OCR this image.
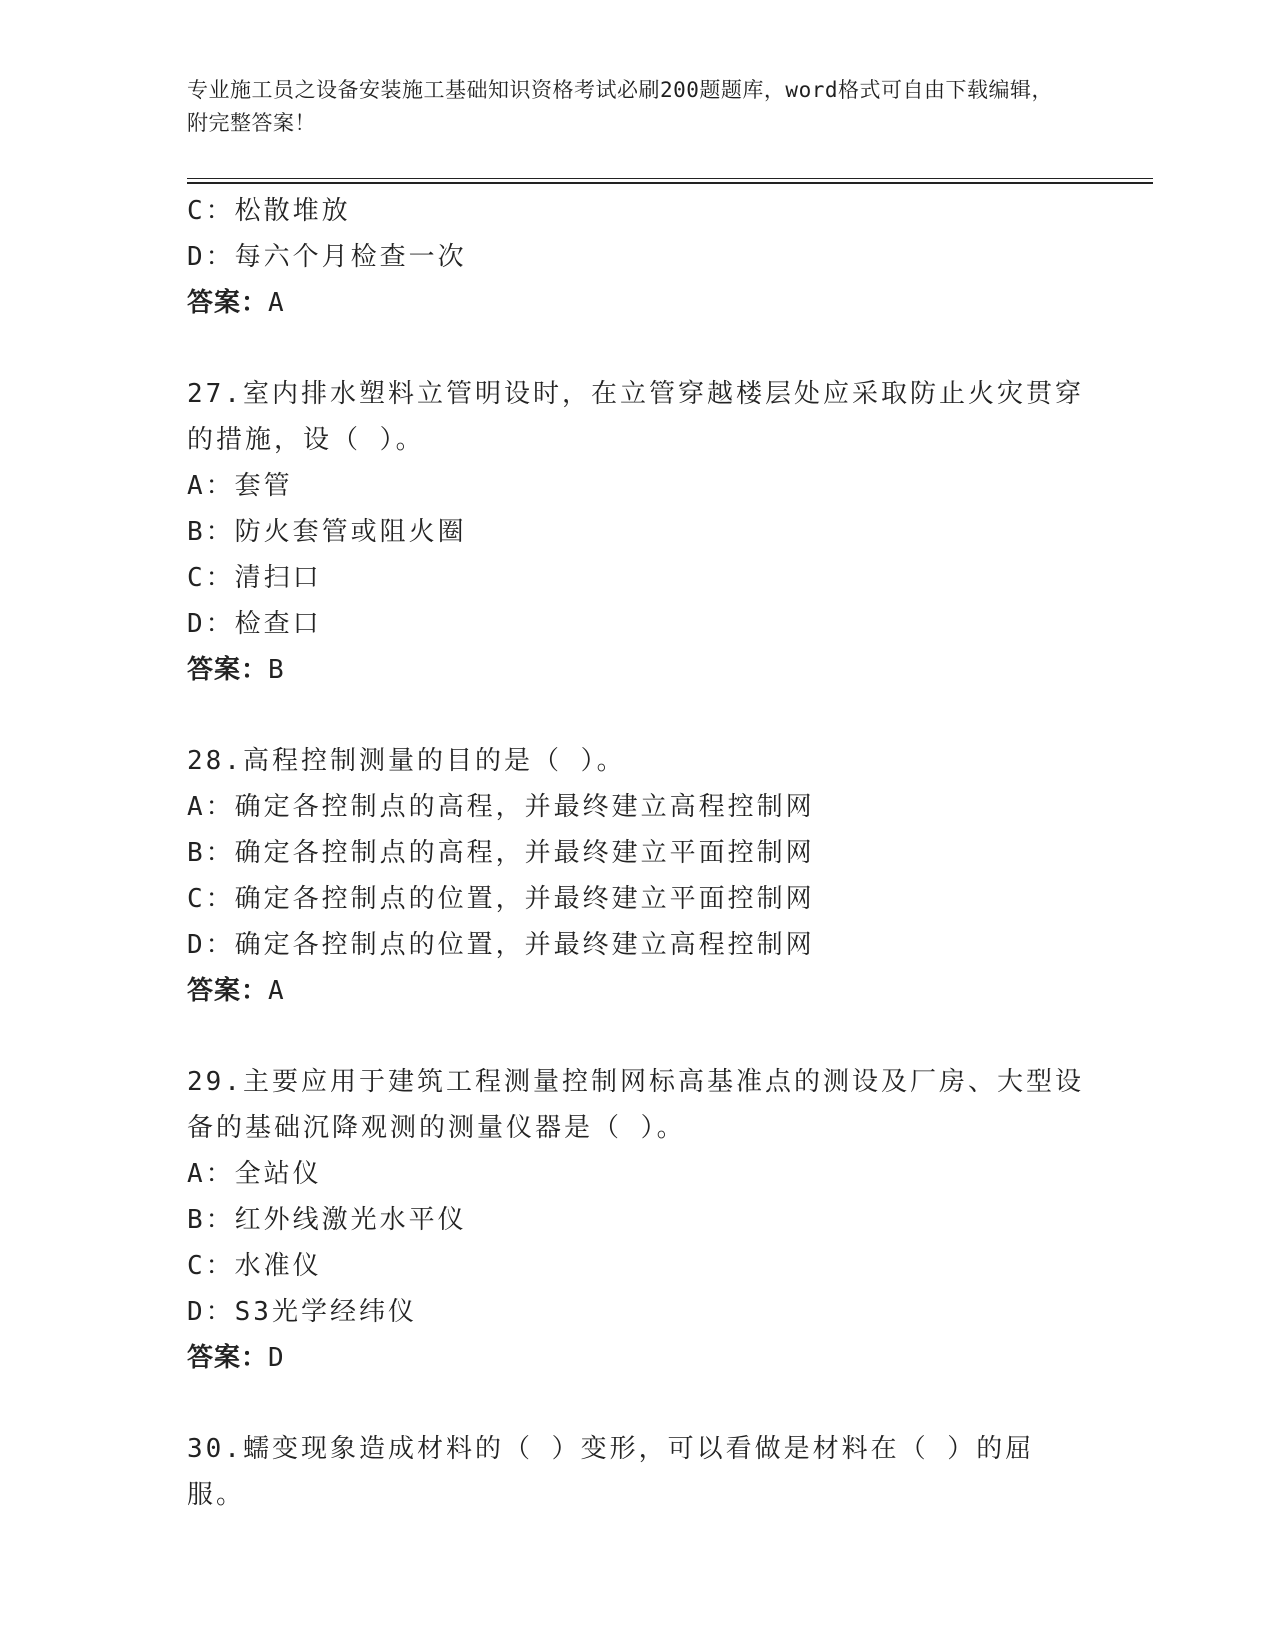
专业施工员之设备安装施工基础知识资格考试必刷200题题库，word格式可自由下载编辑，附完整答案！
C：松散堆放
D：每六个月检查一次
答案：A
27.室内排水塑料立管明设时，在立管穿越楼层处应采取防止火灾贯穿的措施，设（ ）。
A：套管
B：防火套管或阻火圈
C：清扫口
D：检查口
答案：B
28.高程控制测量的目的是（ ）。
A：确定各控制点的高程，并最终建立高程控制网
B：确定各控制点的高程，并最终建立平面控制网
C：确定各控制点的位置，并最终建立平面控制网
D：确定各控制点的位置，并最终建立高程控制网
答案：A
29.主要应用于建筑工程测量控制网标高基准点的测设及厂房、大型设备的基础沉降观测的测量仪器是（ ）。
A：全站仪
B：红外线激光水平仪
C：水准仪
D：S3光学经纬仪
答案：D
30.蠕变现象造成材料的（ ）变形，可以看做是材料在（ ）的屈服。
